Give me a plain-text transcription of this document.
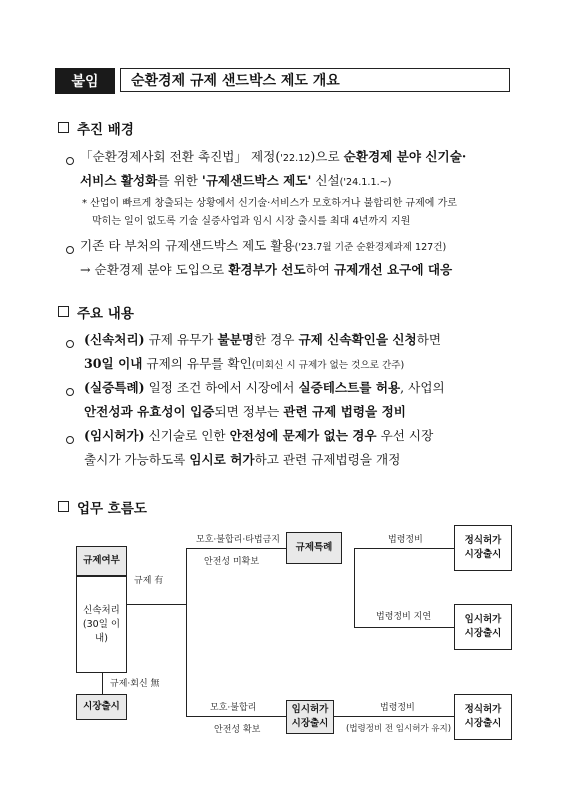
붙임	순환경제 규제 샌드박스 제도 개요
추진 배경
「순환경제사회 전환 촉진법」 제정('22.12)으로 순환경제 분야 신기술·
서비스 활성화를 위한 '규제샌드박스 제도' 신설('24.1.1.~)
* 산업이 빠르게 창출되는 상황에서 신기술·서비스가 모호하거나 불합리한 규제에 가로
막히는 일이 없도록 기술 실증사업과 임시 시장 출시를 최대 4년까지 지원
기존 타 부처의 규제샌드박스 제도 활용('23.7월 기준 순환경제과제 127건)
→ 순환경제 분야 도입으로 환경부가 선도하여 규제개선 요구에 대응
주요 내용
(신속처리) 규제 유무가 불분명한 경우 규제 신속확인을 신청하면
30일 이내 규제의 유무를 확인(미회신 시 규제가 없는 것으로 간주)
(실증특례) 일정 조건 하에서 시장에서 실증테스트를 허용, 사업의
안전성과 유효성이 입증되면 정부는 관련 규제 법령을 정비
(임시허가) 신기술로 인한 안전성에 문제가 없는 경우 우선 시장
출시가 가능하도록 임시로 허가하고 관련 규제법령을 개정
업무 흐름도
규제여부
신속처리
(30일 이내)
시장출시
규제특례
임시허가
시장출시
정식허가
시장출시
임시허가
시장출시
정식허가
시장출시
규제 有
규제·회신 無
모호·불합리·타법금지
안전성 미확보
모호·불합리
안전성 확보
법령정비
법령정비 지연
법령정비
(법령정비 전 임시허가 유지)
